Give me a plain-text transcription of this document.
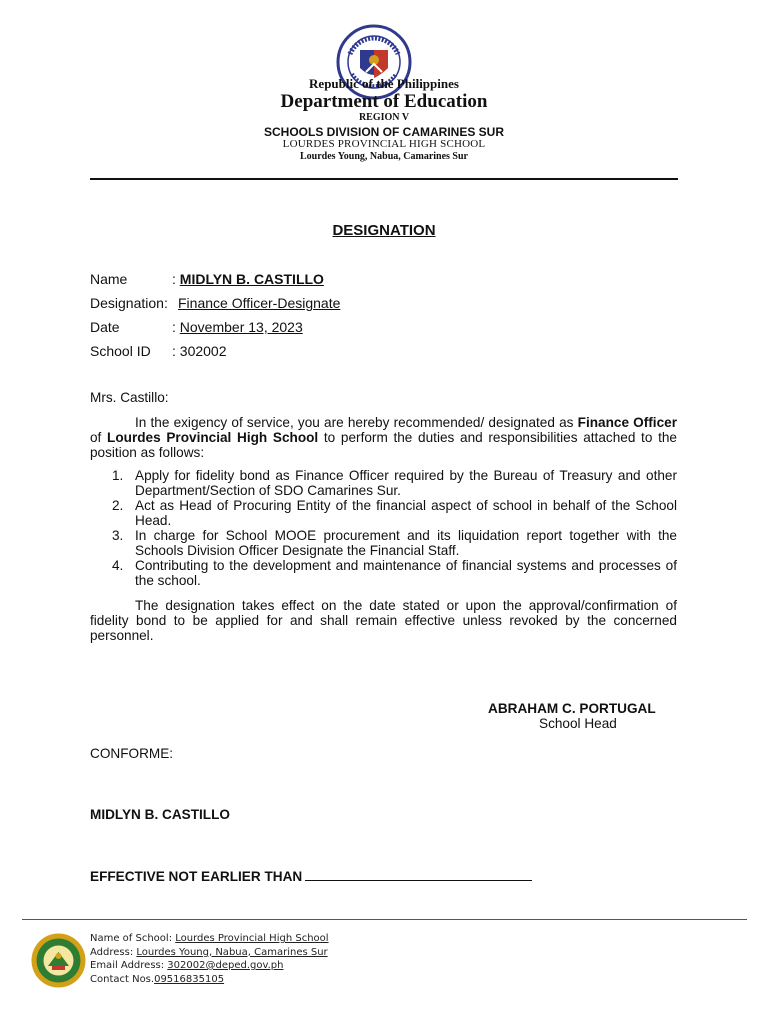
Republic of the Philippines
Department of Education
REGION V
SCHOOLS DIVISION OF CAMARINES SUR
LOURDES PROVINCIAL HIGH SCHOOL
Lourdes Young, Nabua, Camarines Sur
DESIGNATION
Name	: MIDLYN B. CASTILLO
Designation: Finance Officer-Designate
Date	: November 13, 2023
School ID : 302002
Mrs. Castillo:
In the exigency of service, you are hereby recommended/ designated as Finance Officer of Lourdes Provincial High School to perform the duties and responsibilities attached to the position as follows:
1. Apply for fidelity bond as Finance Officer required by the Bureau of Treasury and other Department/Section of SDO Camarines Sur.
2. Act as Head of Procuring Entity of the financial aspect of school in behalf of the School Head.
3. In charge for School MOOE procurement and its liquidation report together with the Schools Division Officer Designate the Financial Staff.
4. Contributing to the development and maintenance of financial systems and processes of the school.
The designation takes effect on the date stated or upon the approval/confirmation of fidelity bond to be applied for and shall remain effective unless revoked by the concerned personnel.
ABRAHAM C. PORTUGAL
School Head
CONFORME:
MIDLYN B. CASTILLO
EFFECTIVE NOT EARLIER THAN
Name of School: Lourdes Provincial High School
Address: Lourdes Young, Nabua, Camarines Sur
Email Address: 302002@deped.gov.ph
Contact Nos.09516835105
